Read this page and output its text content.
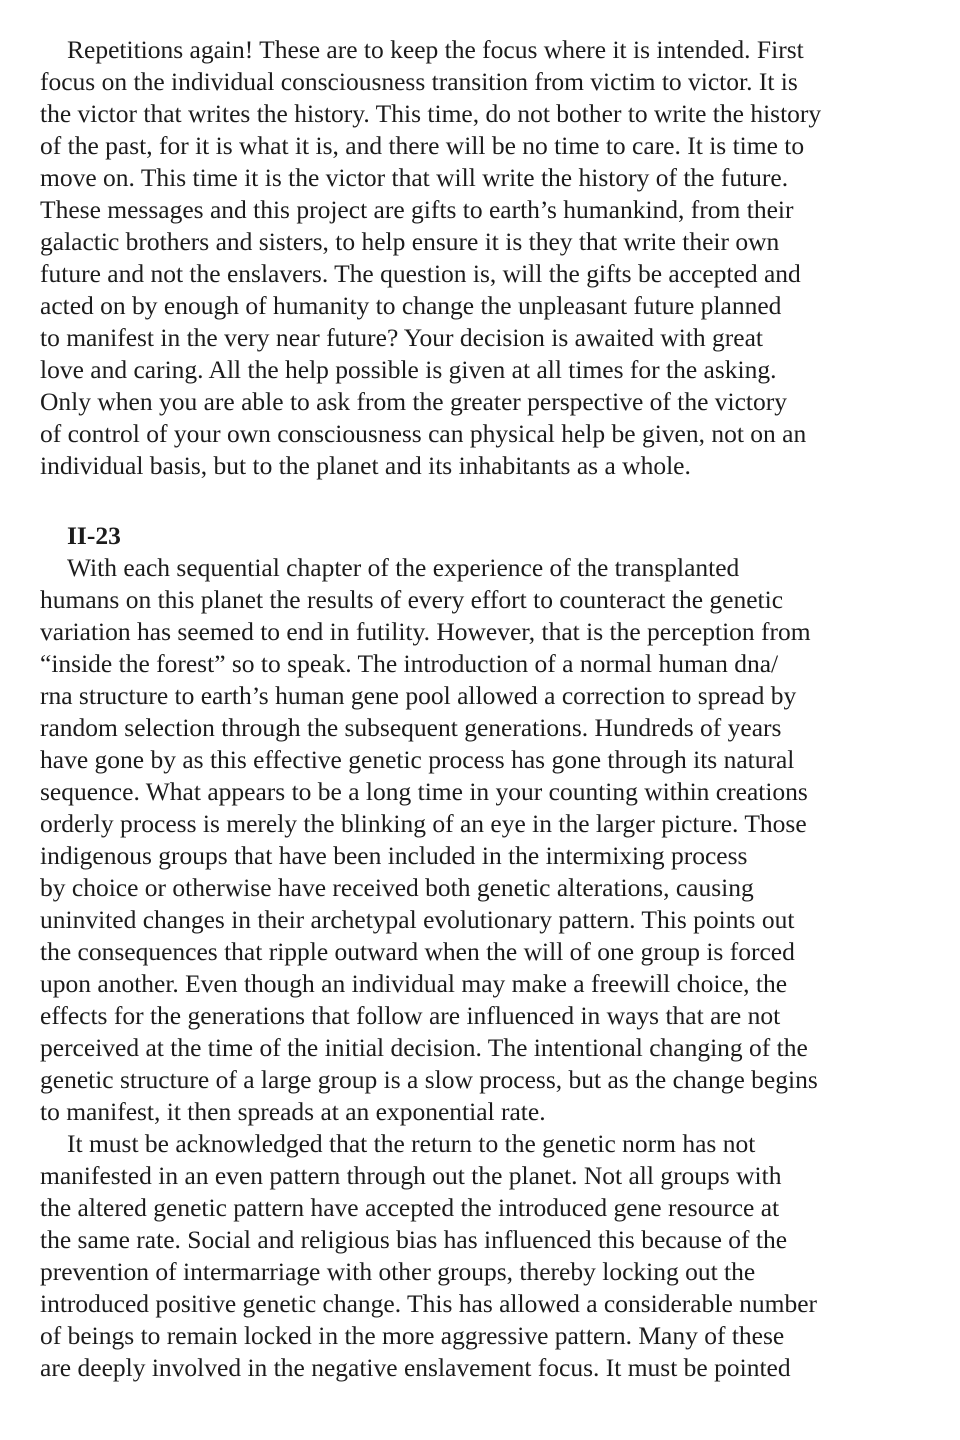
Repetitions again! These are to keep the focus where it is intended. First
focus on the individual consciousness transition from victim to victor. It is
the victor that writes the history. This time, do not bother to write the history
of the past, for it is what it is, and there will be no time to care. It is time to
move on. This time it is the victor that will write the history of the future.
These messages and this project are gifts to earth’s humankind, from their
galactic brothers and sisters, to help ensure it is they that write their own
future and not the enslavers. The question is, will the gifts be accepted and
acted on by enough of humanity to change the unpleasant future planned
to manifest in the very near future? Your decision is awaited with great
love and caring. All the help possible is given at all times for the asking.
Only when you are able to ask from the greater perspective of the victory
of control of your own consciousness can physical help be given, not on an
individual basis, but to the planet and its inhabitants as a whole.
II-23
With each sequential chapter of the experience of the transplanted
humans on this planet the results of every effort to counteract the genetic
variation has seemed to end in futility. However, that is the perception from
“inside the forest” so to speak. The introduction of a normal human dna/
rna structure to earth’s human gene pool allowed a correction to spread by
random selection through the subsequent generations. Hundreds of years
have gone by as this effective genetic process has gone through its natural
sequence. What appears to be a long time in your counting within creations
orderly process is merely the blinking of an eye in the larger picture. Those
indigenous groups that have been included in the intermixing process
by choice or otherwise have received both genetic alterations, causing
uninvited changes in their archetypal evolutionary pattern. This points out
the consequences that ripple outward when the will of one group is forced
upon another. Even though an individual may make a freewill choice, the
effects for the generations that follow are influenced in ways that are not
perceived at the time of the initial decision. The intentional changing of the
genetic structure of a large group is a slow process, but as the change begins
to manifest, it then spreads at an exponential rate.
It must be acknowledged that the return to the genetic norm has not
manifested in an even pattern through out the planet. Not all groups with
the altered genetic pattern have accepted the introduced gene resource at
the same rate. Social and religious bias has influenced this because of the
prevention of intermarriage with other groups, thereby locking out the
introduced positive genetic change. This has allowed a considerable number
of beings to remain locked in the more aggressive pattern. Many of these
are deeply involved in the negative enslavement focus. It must be pointed
